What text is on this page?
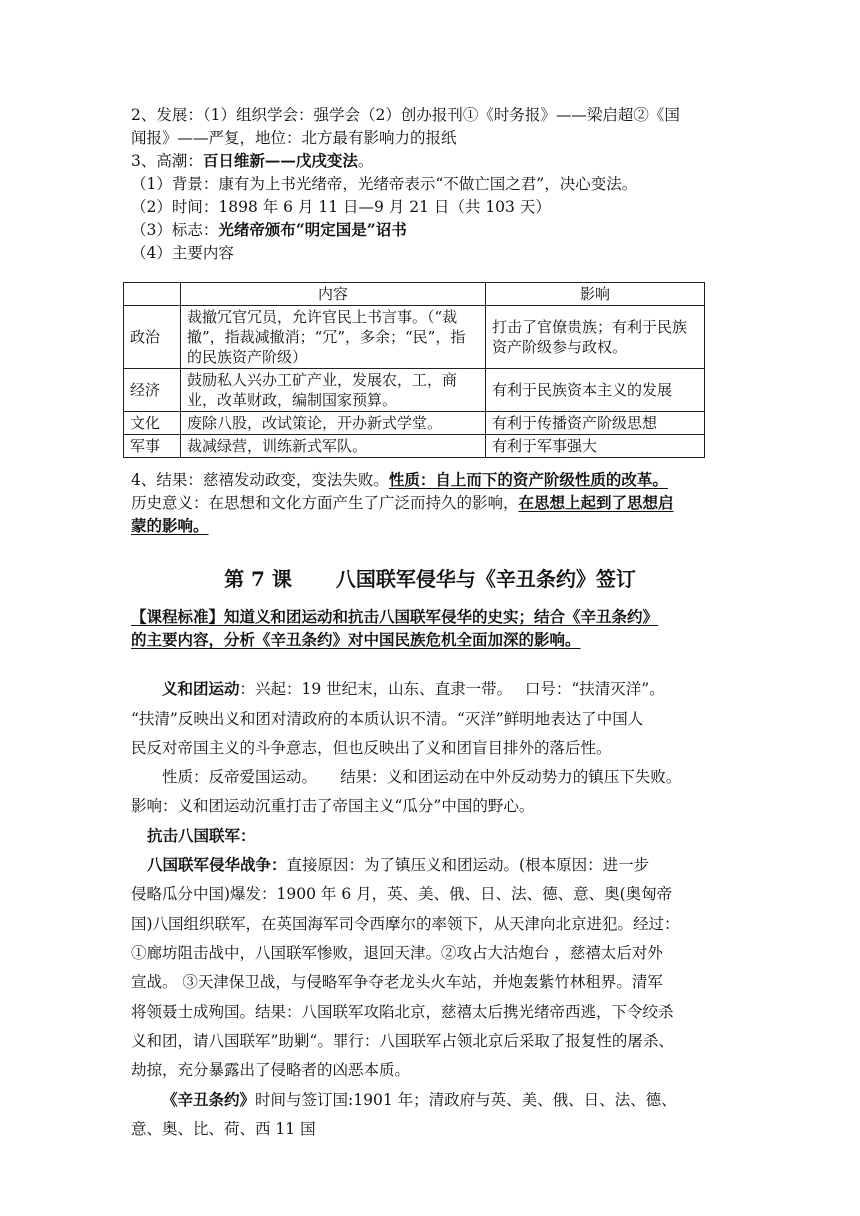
2、发展：（1）组织学会：强学会（2）创办报刊①《时务报》——梁启超②《国
闻报》——严复，地位：北方最有影响力的报纸
3、高潮：百日维新——戊戌变法。
（1）背景：康有为上书光绪帝，光绪帝表示“不做亡国之君”，决心变法。
（2）时间：1898 年 6 月 11 日—9 月 21 日（共 103 天）
（3）标志：光绪帝颁布“明定国是”诏书
（4）主要内容
	内容	影响
政治	裁撤冗官冗员，允许官民上书言事。（“裁撤”，指裁减撤消；“冗”，多余；“民”，指的民族资产阶级）	打击了官僚贵族；有利于民族资产阶级参与政权。
经济	鼓励私人兴办工矿产业，发展农，工，商业，改革财政，编制国家预算。	有利于民族资本主义的发展
文化	废除八股，改试策论，开办新式学堂。	有利于传播资产阶级思想
军事	裁减绿营，训练新式军队。	有利于军事强大
4、结果：慈禧发动政变，变法失败。性质：自上而下的资产阶级性质的改革。
历史意义：在思想和文化方面产生了广泛而持久的影响，在思想上起到了思想启
蒙的影响。
第 7 课 八国联军侵华与《辛丑条约》签订
【课程标准】知道义和团运动和抗击八国联军侵华的史实；结合《辛丑条约》
的主要内容，分析《辛丑条约》对中国民族危机全面加深的影响。
义和团运动：兴起：19 世纪末，山东、直隶一带。　 口号：“扶清灭洋”。
“扶清”反映出义和团对清政府的本质认识不清。“灭洋”鲜明地表达了中国人
民反对帝国主义的斗争意志，但也反映出了义和团盲目排外的落后性。
性质：反帝爱国运动。　　结果：义和团运动在中外反动势力的镇压下失败。
影响：义和团运动沉重打击了帝国主义“瓜分”中国的野心。
抗击八国联军：
八国联军侵华战争：直接原因：为了镇压义和团运动。(根本原因：进一步
侵略瓜分中国)爆发：1900 年 6 月，英、美、俄、日、法、德、意、奥(奥匈帝
国)八国组织联军，在英国海军司令西摩尔的率领下，从天津向北京进犯。经过：
①廊坊阻击战中，八国联军惨败，退回天津。②攻占大沽炮台 ，慈禧太后对外
宣战。 ③天津保卫战，与侵略军争夺老龙头火车站，并炮轰紫竹林租界。清军
将领聂士成殉国。结果：八国联军攻陷北京，慈禧太后携光绪帝西逃，下令绞杀
义和团，请八国联军”助剿“。罪行：八国联军占领北京后采取了报复性的屠杀、
劫掠，充分暴露出了侵略者的凶恶本质。
《辛丑条约》时间与签订国:1901 年；清政府与英、美、俄、日、法、德、
意、奥、比、荷、西 11 国
